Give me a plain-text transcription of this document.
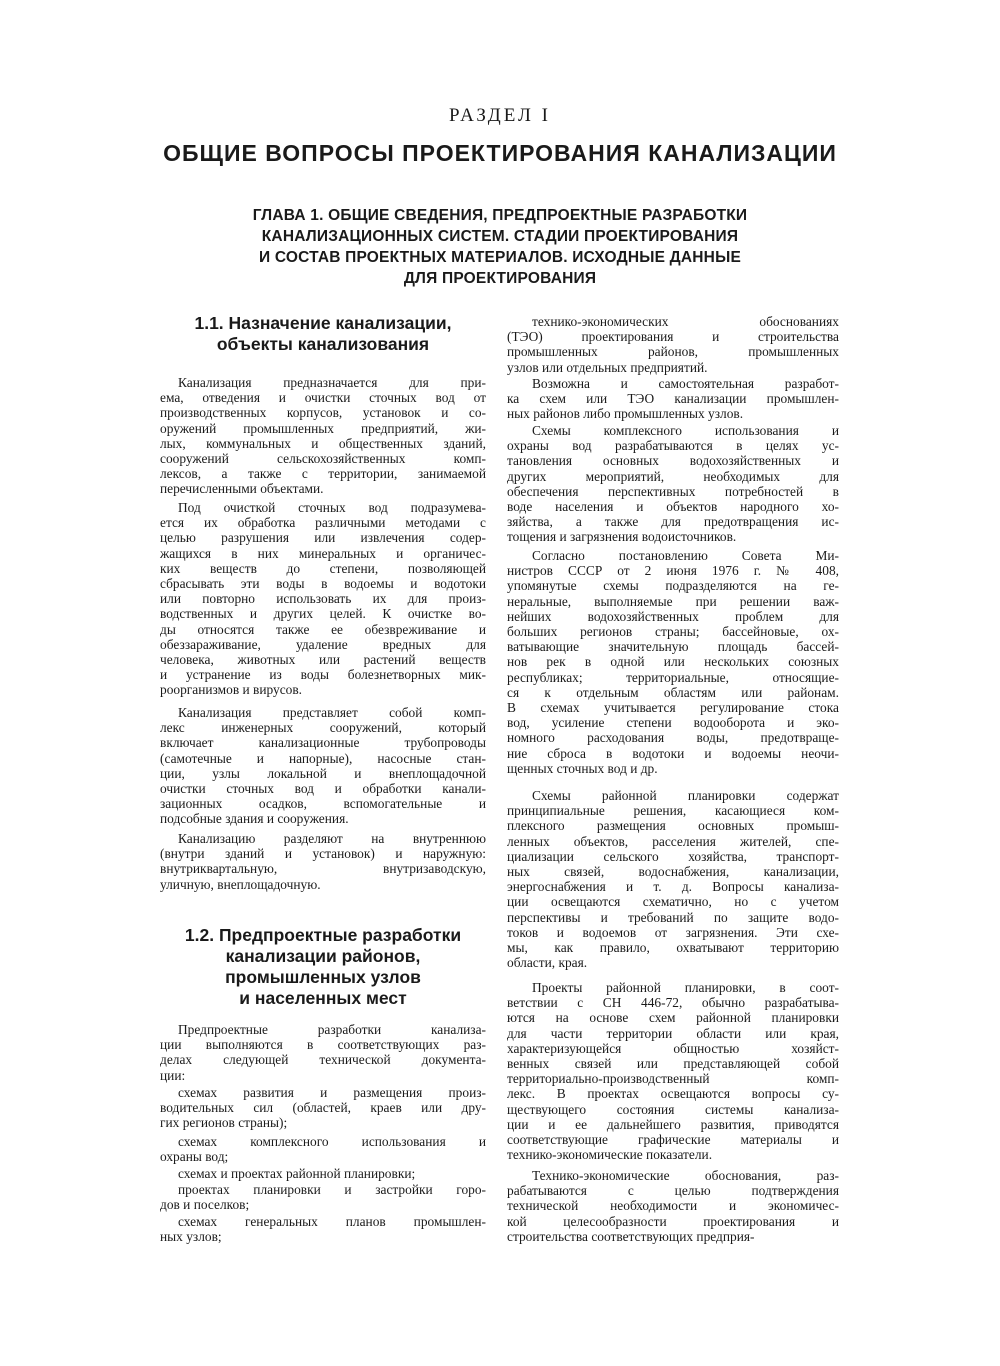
РАЗДЕЛ I
ОБЩИЕ ВОПРОСЫ ПРОЕКТИРОВАНИЯ КАНАЛИЗАЦИИ
ГЛАВА 1. ОБЩИЕ СВЕДЕНИЯ, ПРЕДПРОЕКТНЫЕ РАЗРАБОТКИ
КАНАЛИЗАЦИОННЫХ СИСТЕМ. СТАДИИ ПРОЕКТИРОВАНИЯ
И СОСТАВ ПРОЕКТНЫХ МАТЕРИАЛОВ. ИСХОДНЫЕ ДАННЫЕ
ДЛЯ ПРОЕКТИРОВАНИЯ
1.1. Назначение канализации,
объекты канализования
Канализация предназначается для при-
ема, отведения и очистки сточных вод от
производственных корпусов, установок и со-
оружений промышленных предприятий, жи-
лых, коммунальных и общественных зданий,
сооружений сельскохозяйственных комп-
лексов, а также с территории, занимаемой
перечисленными объектами.
Под очисткой сточных вод подразумева-
ется их обработка различными методами с
целью разрушения или извлечения содер-
жащихся в них минеральных и органичес-
ких веществ до степени, позволяющей
сбрасывать эти воды в водоемы и водотоки
или повторно использовать их для произ-
водственных и других целей. К очистке во-
ды относятся также ее обезвреживание и
обеззараживание, удаление вредных для
человека, животных или растений веществ
и устранение из воды болезнетворных мик-
роорганизмов и вирусов.
Канализация представляет собой комп-
лекс инженерных сооружений, который
включает канализационные трубопроводы
(самотечные и напорные), насосные стан-
ции, узлы локальной и внеплощадочной
очистки сточных вод и обработки канали-
зационных осадков, вспомогательные и
подсобные здания и сооружения.
Канализацию разделяют на внутреннюю
(внутри зданий и установок) и наружную:
внутриквартальную, внутризаводскую,
уличную, внеплощадочную.
1.2. Предпроектные разработки
канализации районов,
промышленных узлов
и населенных мест
Предпроектные разработки канализа-
ции выполняются в соответствующих раз-
делах следующей технической документа-
ции:
схемах развития и размещения произ-
водительных сил (областей, краев или дру-
гих регионов страны);
схемах комплексного использования и
охраны вод;
схемах и проектах районной планировки;
проектах планировки и застройки горо-
дов и поселков;
схемах генеральных планов промышлен-
ных узлов;
технико-экономических обоснованиях
(ТЭО) проектирования и строительства
промышленных районов, промышленных
узлов или отдельных предприятий.
Возможна и самостоятельная разработ-
ка схем или ТЭО канализации промышлен-
ных районов либо промышленных узлов.
Схемы комплексного использования и
охраны вод разрабатываются в целях ус-
тановления основных водохозяйственных и
других мероприятий, необходимых для
обеспечения перспективных потребностей в
воде населения и объектов народного хо-
зяйства, а также для предотвращения ис-
тощения и загрязнения водоисточников.
Согласно постановлению Совета Ми-
нистров СССР от 2 июня 1976 г. № 408,
упомянутые схемы подразделяются на ге-
неральные, выполняемые при решении важ-
нейших водохозяйственных проблем для
больших регионов страны; бассейновые, ох-
ватывающие значительную площадь бассей-
нов рек в одной или нескольких союзных
республиках; территориальные, относящие-
ся к отдельным областям или районам.
В схемах учитывается регулирование стока
вод, усиление степени водооборота и эко-
номного расходования воды, предотвраще-
ние сброса в водотоки и водоемы неочи-
щенных сточных вод и др.
Схемы районной планировки содержат
принципиальные решения, касающиеся ком-
плексного размещения основных промыш-
ленных объектов, расселения жителей, спе-
циализации сельского хозяйства, транспорт-
ных связей, водоснабжения, канализации,
энергоснабжения и т. д. Вопросы канализа-
ции освещаются схематично, но с учетом
перспективы и требований по защите водо-
токов и водоемов от загрязнения. Эти схе-
мы, как правило, охватывают территорию
области, края.
Проекты районной планировки, в соот-
ветствии с СН 446-72, обычно разрабатыва-
ются на основе схем районной планировки
для части территории области или края,
характеризующейся общностью хозяйст-
венных связей или представляющей собой
территориально-производственный комп-
лекс. В проектах освещаются вопросы су-
ществующего состояния системы канализа-
ции и ее дальнейшего развития, приводятся
соответствующие графические материалы и
технико-экономические показатели.
Технико-экономические обоснования, раз-
рабатываются с целью подтверждения
технической необходимости и экономичес-
кой целесообразности проектирования и
строительства соответствующих предприя-
